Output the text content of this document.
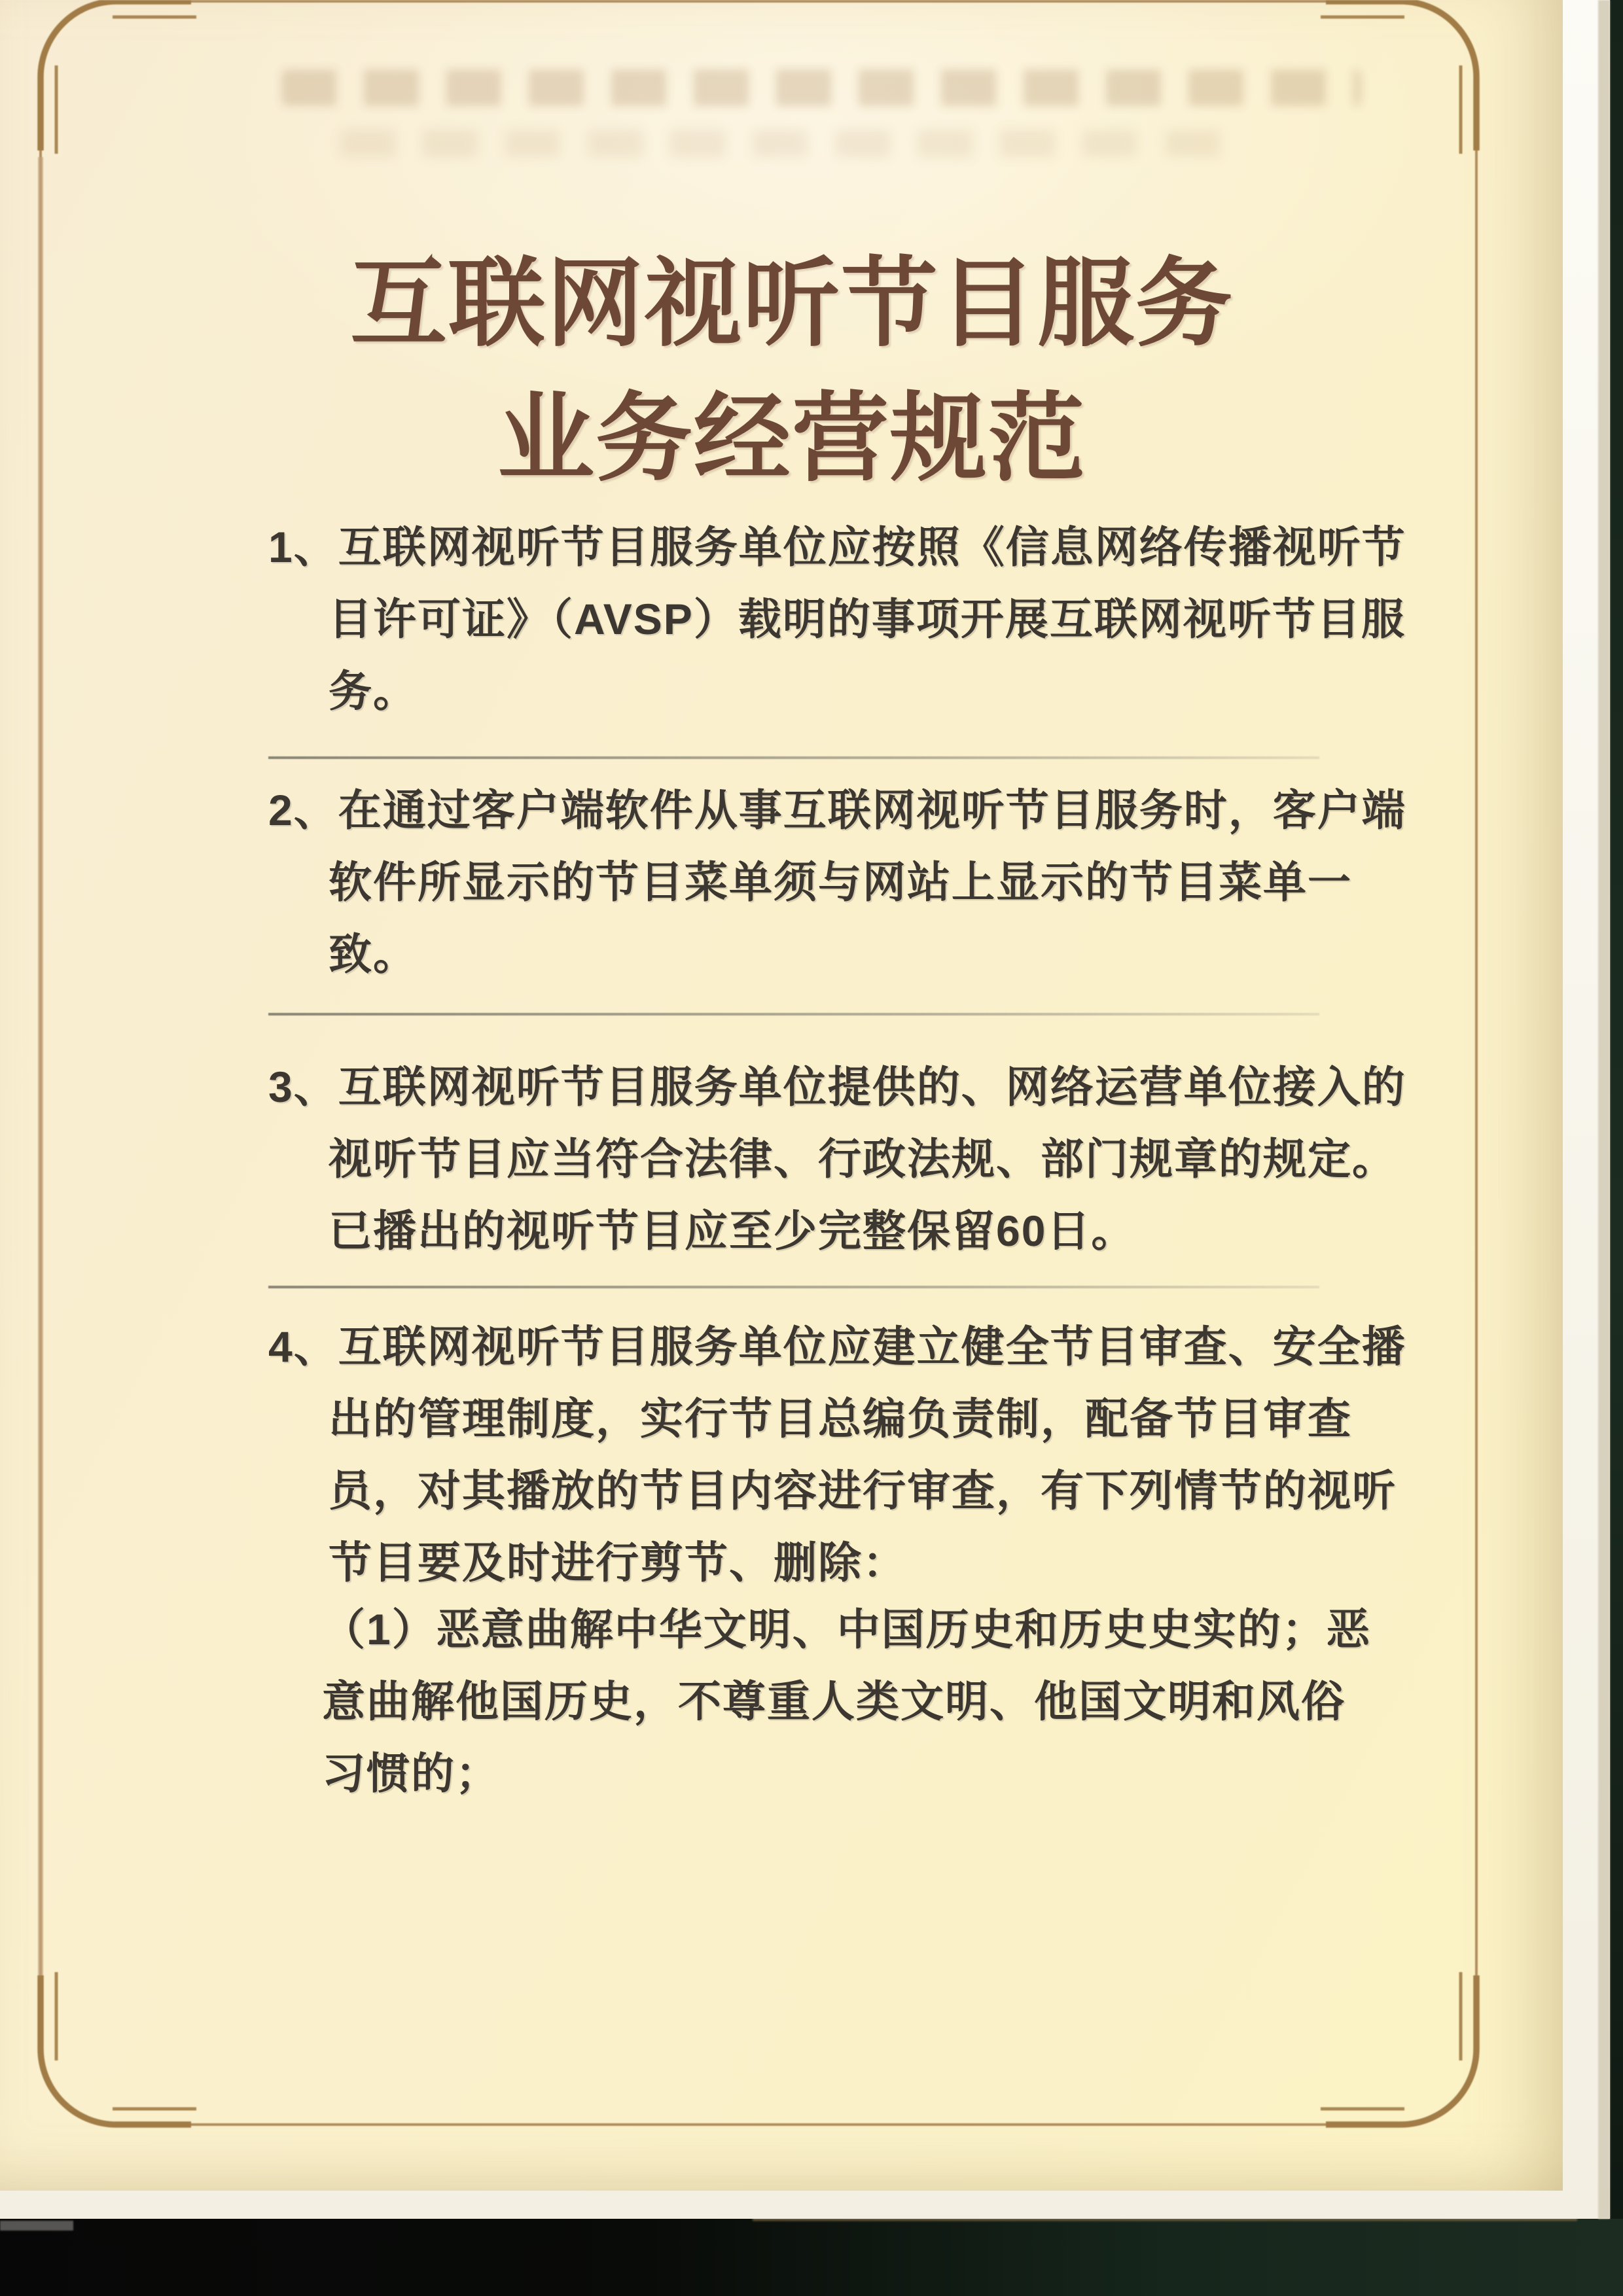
互联网视听节目服务
业务经营规范
1、互联网视听节目服务单位应按照《信息网络传播视听节目许可证》（AVSP）载明的事项开展互联网视听节目服务。
2、在通过客户端软件从事互联网视听节目服务时，客户端软件所显示的节目菜单须与网站上显示的节目菜单一致。
3、互联网视听节目服务单位提供的、网络运营单位接入的视听节目应当符合法律、行政法规、部门规章的规定。已播出的视听节目应至少完整保留60日。
4、互联网视听节目服务单位应建立健全节目审查、安全播出的管理制度，实行节目总编负责制，配备节目审查员，对其播放的节目内容进行审查，有下列情节的视听节目要及时进行剪节、删除：
（1）恶意曲解中华文明、中国历史和历史史实的；恶意曲解他国历史，不尊重人类文明、他国文明和风俗习惯的；
